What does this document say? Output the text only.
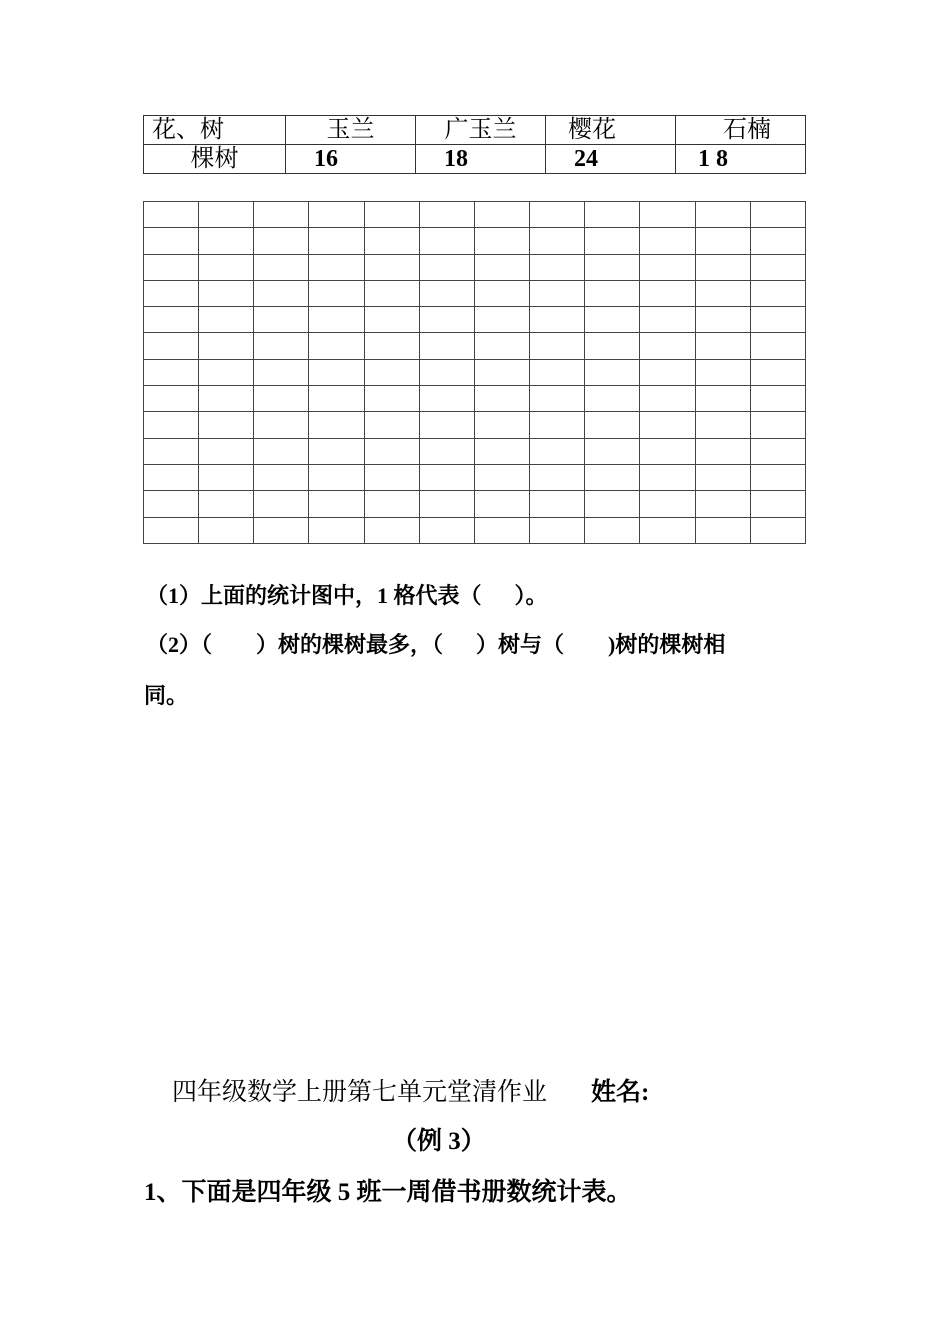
花、树	玉兰	广玉兰	樱花	石楠
棵树	16	18	24	1 8

（1）上面的统计图中，1 格代表（      ）。
（2）（        ）树的棵树最多，（      ）树与（        )树的棵树相
同。
四年级数学上册第七单元堂清作业 姓名:
（例 3）
1、下面是四年级 5 班一周借书册数统计表。
